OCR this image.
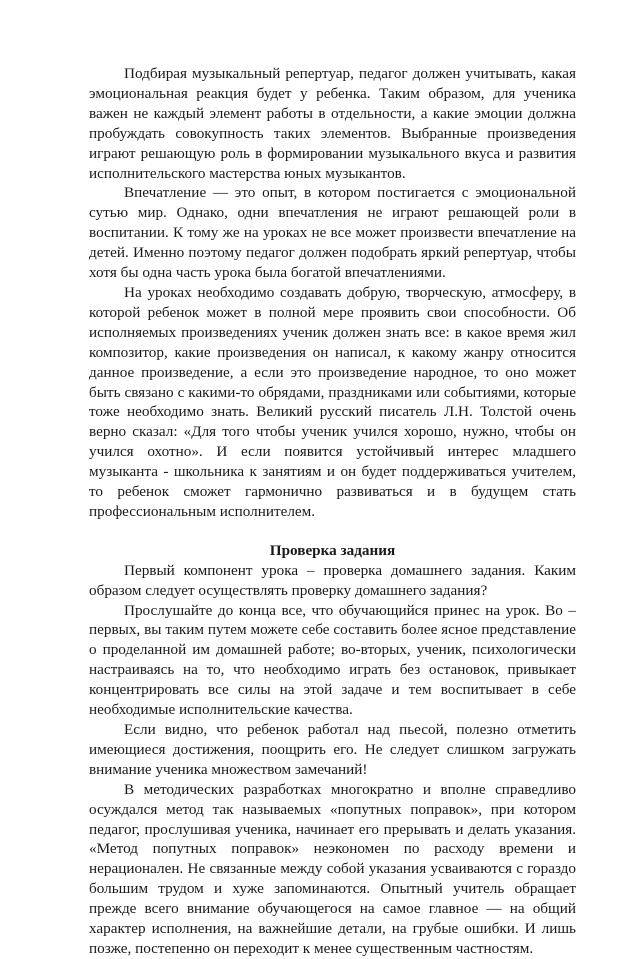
Подбирая музыкальный репертуар, педагог должен учитывать, какая эмоциональная реакция будет у ребенка. Таким образом, для ученика важен не каждый элемент работы в отдельности, а какие эмоции должна пробуждать совокупность таких элементов. Выбранные произведения играют решающую роль в формировании музыкального вкуса и развития исполнительского мастерства юных музыкантов.

Впечатление — это опыт, в котором постигается с эмоциональной сутью мир. Однако, одни впечатления не играют решающей роли в воспитании. К тому же на уроках не все может произвести впечатление на детей. Именно поэтому педагог должен подобрать яркий репертуар, чтобы хотя бы одна часть урока была богатой впечатлениями.

На уроках необходимо создавать добрую, творческую, атмосферу, в которой ребенок может в полной мере проявить свои способности. Об исполняемых произведениях ученик должен знать все: в какое время жил композитор, какие произведения он написал, к какому жанру относится данное произведение, а если это произведение народное, то оно может быть связано с какими-то обрядами, праздниками или событиями, которые тоже необходимо знать. Великий русский писатель Л.Н. Толстой очень верно сказал: «Для того чтобы ученик учился хорошо, нужно, чтобы он учился охотно». И если появится устойчивый интерес младшего музыканта - школьника к занятиям и он будет поддерживаться учителем, то ребенок сможет гармонично развиваться и в будущем стать профессиональным исполнителем.

Проверка задания

Первый компонент урока – проверка домашнего задания. Каким образом следует осуществлять проверку домашнего задания?

Прослушайте до конца все, что обучающийся принес на урок. Во – первых, вы таким путем можете себе составить более ясное представление о проделанной им домашней работе; во-вторых, ученик, психологически настраиваясь на то, что необходимо играть без остановок, привыкает концентрировать все силы на этой задаче и тем воспитывает в себе необходимые исполнительские качества.

Если видно, что ребенок работал над пьесой, полезно отметить имеющиеся достижения, поощрить его. Не следует слишком загружать внимание ученика множеством замечаний!

В методических разработках многократно и вполне справедливо осуждался метод так называемых «попутных поправок», при котором педагог, прослушивая ученика, начинает его прерывать и делать указания. «Метод попутных поправок» неэкономен по расходу времени и нерационален. Не связанные между собой указания усваиваются с гораздо большим трудом и хуже запоминаются. Опытный учитель обращает прежде всего внимание обучающегося на самое главное — на общий характер исполнения, на важнейшие детали, на грубые ошибки. И лишь позже, постепенно он переходит к менее существенным частностям.
